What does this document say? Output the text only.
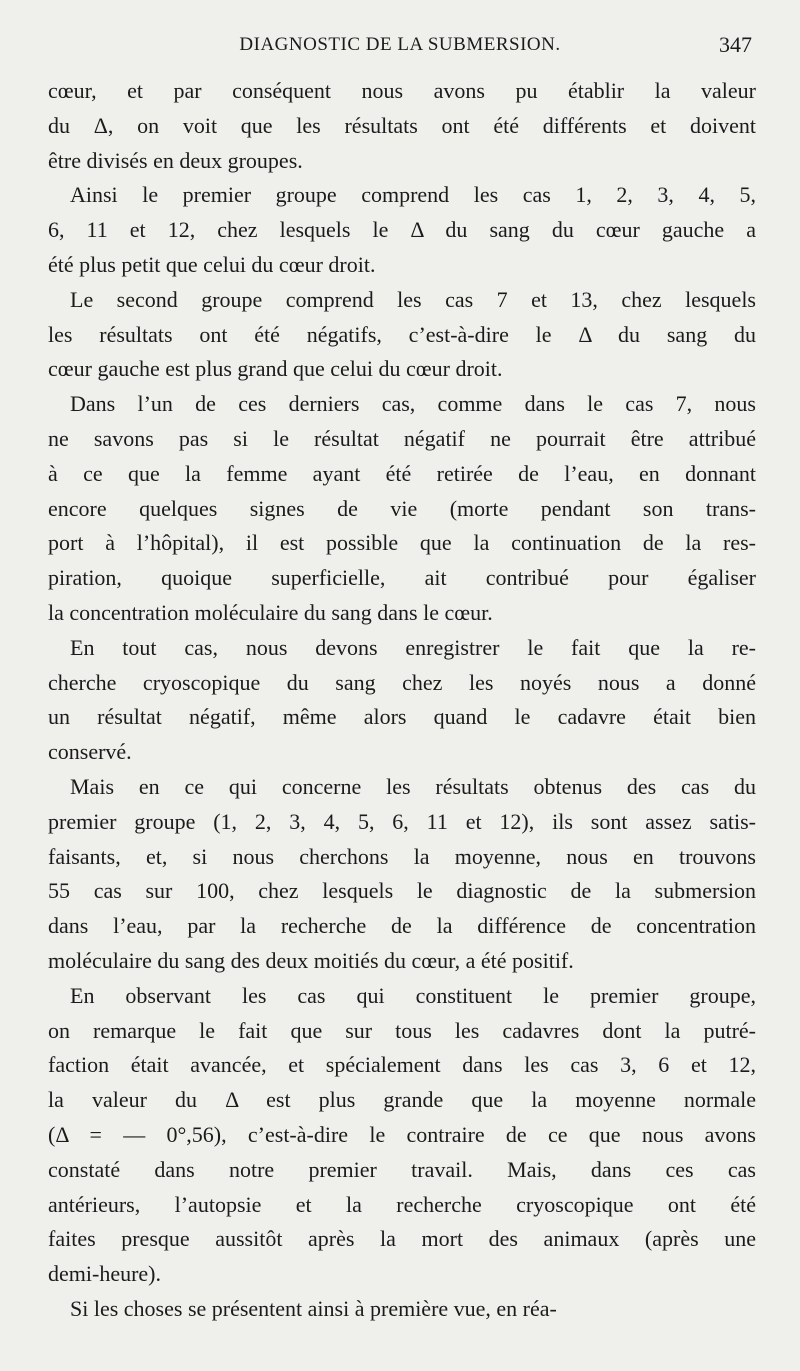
DIAGNOSTIC DE LA SUBMERSION.	347
cœur, et par conséquent nous avons pu établir la valeur
du Δ, on voit que les résultats ont été différents et doivent
être divisés en deux groupes.
Ainsi le premier groupe comprend les cas 1, 2, 3, 4, 5,
6, 11 et 12, chez lesquels le Δ du sang du cœur gauche a
été plus petit que celui du cœur droit.
Le second groupe comprend les cas 7 et 13, chez lesquels
les résultats ont été négatifs, c’est-à-dire le Δ du sang du
cœur gauche est plus grand que celui du cœur droit.
Dans l’un de ces derniers cas, comme dans le cas 7, nous
ne savons pas si le résultat négatif ne pourrait être attribué
à ce que la femme ayant été retirée de l’eau, en donnant
encore quelques signes de vie (morte pendant son trans-
port à l’hôpital), il est possible que la continuation de la res-
piration, quoique superficielle, ait contribué pour égaliser
la concentration moléculaire du sang dans le cœur.
En tout cas, nous devons enregistrer le fait que la re-
cherche cryoscopique du sang chez les noyés nous a donné
un résultat négatif, même alors quand le cadavre était bien
conservé.
Mais en ce qui concerne les résultats obtenus des cas du
premier groupe (1, 2, 3, 4, 5, 6, 11 et 12), ils sont assez satis-
faisants, et, si nous cherchons la moyenne, nous en trouvons
55 cas sur 100, chez lesquels le diagnostic de la submersion
dans l’eau, par la recherche de la différence de concentration
moléculaire du sang des deux moitiés du cœur, a été positif.
En observant les cas qui constituent le premier groupe,
on remarque le fait que sur tous les cadavres dont la putré-
faction était avancée, et spécialement dans les cas 3, 6 et 12,
la valeur du Δ est plus grande que la moyenne normale
(Δ = — 0°,56), c’est-à-dire le contraire de ce que nous avons
constaté dans notre premier travail. Mais, dans ces cas
antérieurs, l’autopsie et la recherche cryoscopique ont été
faites presque aussitôt après la mort des animaux (après une
demi-heure).
Si les choses se présentent ainsi à première vue, en réa-
